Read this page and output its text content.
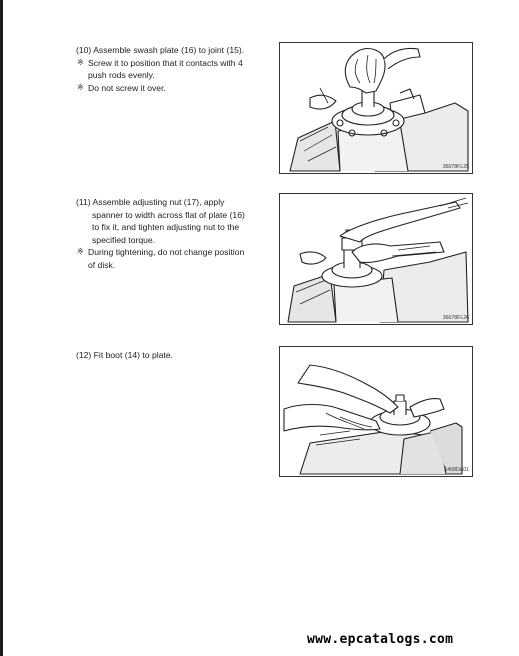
(10) Assemble swash plate (16) to joint (15).
※ Screw it to position that it contacts with 4
push rods evenly.
※ Do not screw it over.
36078FL25
(11) Assemble adjusting nut (17), apply
spanner to width across flat of plate (16)
to fix it, and tighten adjusting nut to the
specified torque.
※ During tightening, do not change position
of disk.
36078FL26
(12) Fit boot (14) to plate.
1408DA01
www.epcatalogs.com
